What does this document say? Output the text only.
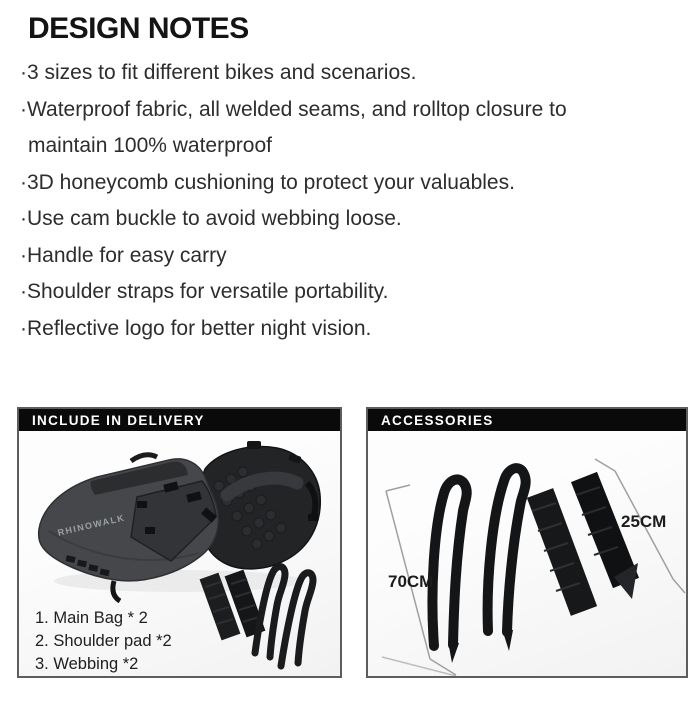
DESIGN NOTES
·3 sizes to fit different bikes and scenarios.
·Waterproof fabric, all welded seams, and rolltop closure to
maintain 100% waterproof
·3D honeycomb cushioning to protect your valuables.
·Use cam buckle to avoid webbing loose.
·Handle for easy carry
·Shoulder straps for versatile portability.
·Reflective logo for better night vision.
INCLUDE IN DELIVERY
RHINOWALK
1. Main Bag * 2
2. Shoulder pad *2
3. Webbing *2
ACCESSORIES
70CM
25CM
